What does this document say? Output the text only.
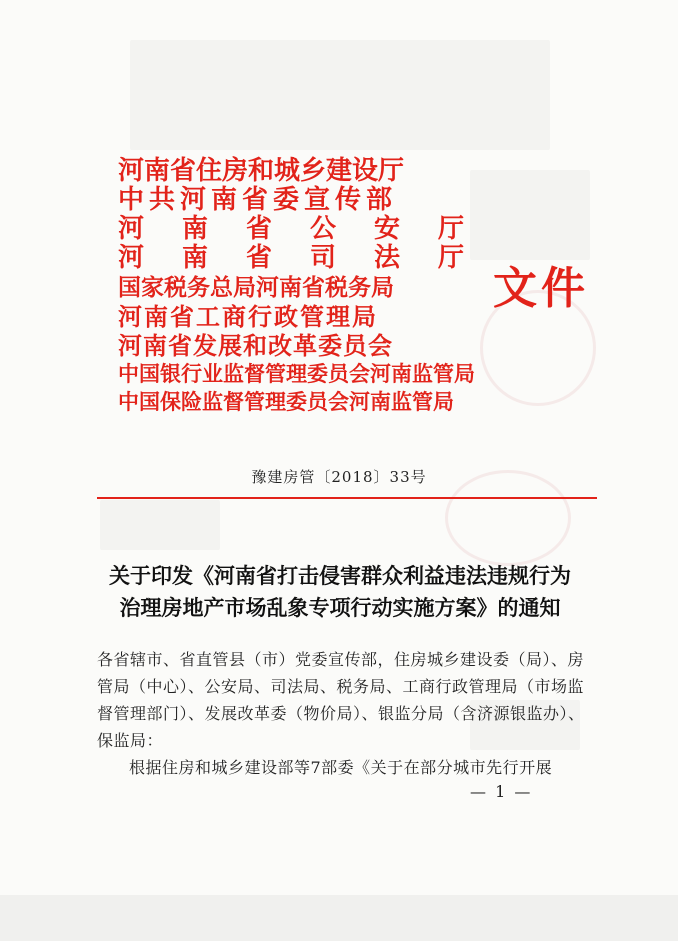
河南省住房和城乡建设厅
中共河南省委宣传部
河南省公安厅
河南省司法厅
国家税务总局河南省税务局
河南省工商行政管理局
河南省发展和改革委员会
中国银行业监督管理委员会河南监管局
中国保险监督管理委员会河南监管局
文件
豫建房管〔2018〕33号
关于印发《河南省打击侵害群众利益违法违规行为
治理房地产市场乱象专项行动实施方案》的通知

各省辖市、省直管县（市）党委宣传部，住房城乡建设委（局）、房管局（中心）、公安局、司法局、税务局、工商行政管理局（市场监督管理部门）、发展改革委（物价局）、银监分局（含济源银监办）、保监局：

根据住房和城乡建设部等7部委《关于在部分城市先行开展

— 1 —
